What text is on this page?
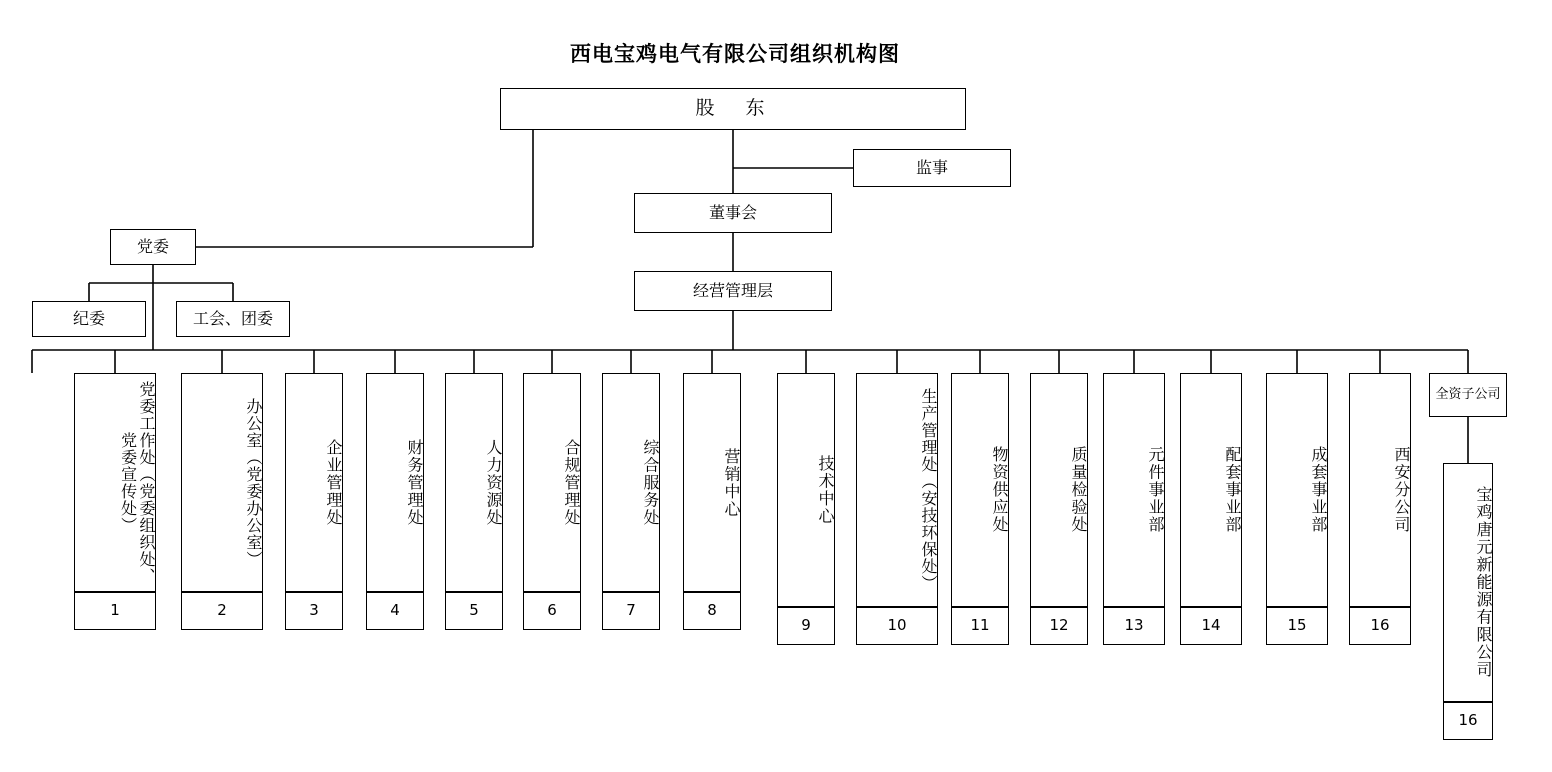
西电宝鸡电气有限公司组织机构图
股　东
监事
董事会
经营管理层
党委
纪委	工会、团委
党委工作处（党委组织处、党委宣传处）
1
办公室（党委办公室）
2
企业管理处
3
财务管理处
4
人力资源处
5
合规管理处
6
综合服务处
7
营销中心
8
技术中心
9
生产管理处（安技环保处）
10
物资供应处
11
质量检验处
12
元件事业部
13
配套事业部
14
成套事业部
15
西安分公司
16
全资子公司
宝鸡唐元新能源有限公司
16
